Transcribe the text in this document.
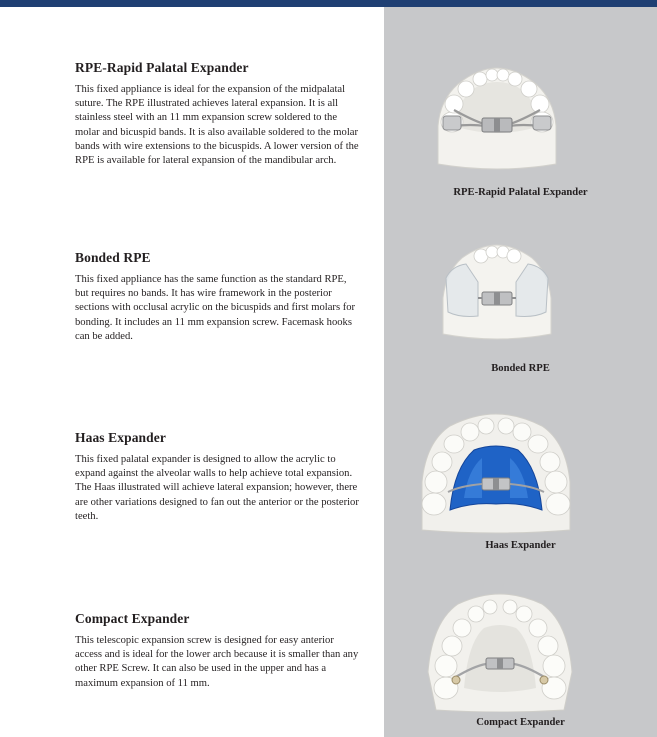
RPE-Rapid Palatal Expander

This fixed appliance is ideal for the expansion of the midpalatal suture. The RPE illustrated achieves lateral expansion. It is all stainless steel with an 11 mm expansion screw soldered to the molar and bicuspid bands. It is also available soldered to the molar bands with wire extensions to the bicuspids. A lower version of the RPE is available for lateral expansion of the mandibular arch.

Bonded RPE

This fixed appliance has the same function as the standard RPE, but requires no bands. It has wire framework in the posterior sections with occlusal acrylic on the bicuspids and first molars for bonding. It includes an 11 mm expansion screw. Facemask hooks can be added.

Haas Expander

This fixed palatal expander is designed to allow the acrylic to expand against the alveolar walls to help achieve total expansion. The Haas illustrated will achieve lateral expansion; however, there are other variations designed to fan out the anterior or the posterior teeth.

Compact Expander

This telescopic expansion screw is designed for easy anterior access and is ideal for the lower arch because it is smaller than any other RPE Screw. It can also be used in the upper and has a maximum expansion of 11 mm.

RPE-Rapid Palatal Expander
Bonded RPE
Haas Expander
Compact Expander
